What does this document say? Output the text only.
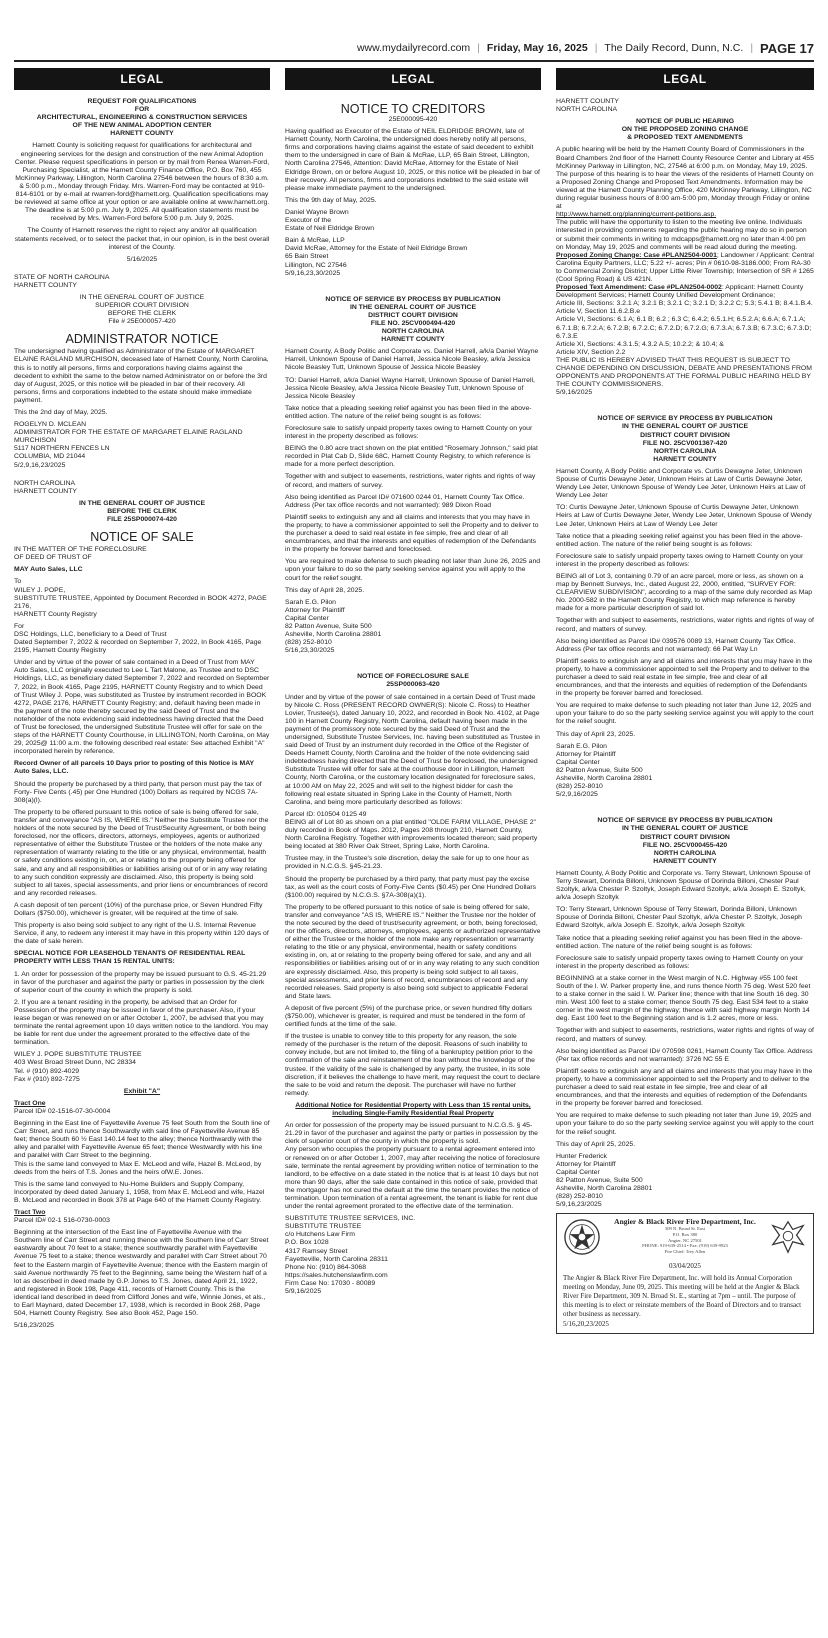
www.mydailyrecord.com | Friday, May 16, 2025 | The Daily Record, Dunn, N.C. | PAGE 17
LEGAL

REQUEST FOR QUALIFICATIONS
FOR
ARCHITECTURAL, ENGINEERING & CONSTRUCTION SERVICES
OF THE NEW ANIMAL ADOPTION CENTER
HARNETT COUNTY

Harnett County is soliciting request for qualifications for architectural and engineering services for the design and construction of the new Animal Adoption Center. Please request specifications in person or by mail from Renea Warren-Ford, Purchasing Specialist, at the Harnett County Finance Office, P.O. Box 760, 455 McKinney Parkway, Lillington, North Carolina 27546 between the hours of 8:30 a.m. & 5:00 p.m., Monday through Friday. Mrs. Warren-Ford may be contacted at 910-814-6101 or by e-mail at rwarren-ford@harnett.org. Qualification specifications may be reviewed at same office at your option or are available online at www.harnett.org. The deadline is at 5:00 p.m. July 9, 2025. All qualification statements must be received by Mrs. Warren-Ford before 5:00 p.m. July 9, 2025.

The County of Harnett reserves the right to reject any and/or all qualification statements received, or to select the packet that, in our opinion, is in the best overall interest of the County.

5/16/2025

STATE OF NORTH CAROLINA
HARNETT COUNTY

IN THE GENERAL COURT OF JUSTICE
SUPERIOR COURT DIVISION
BEFORE THE CLERK
File # 25E000057-420

ADMINISTRATOR NOTICE

The undersigned having qualified as Administrator of the Estate of MARGARET ELAINE RAGLAND MURCHISON, deceased late of Harnett County, North Carolina, this is to notify all persons, firms and corporations having claims against the decedent to exhibit the same to the below named Administrator on or before the 3rd day of August, 2025, or this notice will be pleaded in bar of their recovery. All persons, firms and corporations indebted to the estate should make immediate payment.

This the 2nd day of May, 2025.

ROGELYN D. MCLEAN
ADMINISTRATOR FOR THE ESTATE OF MARGARET ELAINE RAGLAND MURCHISON
5117 NORTHERN FENCES LN
COLUMBIA, MD 21044
5/2,9,16,23/2025

NORTH CAROLINA
HARNETT COUNTY

IN THE GENERAL COURT OF JUSTICE
BEFORE THE CLERK
FILE 25SP000074-420

NOTICE OF SALE

IN THE MATTER OF THE FORECLOSURE
OF DEED OF TRUST OF

MAY Auto Sales, LLC

To
WILEY J. POPE,
SUBSTITUTE TRUSTEE, Appointed by Document Recorded in BOOK 4272, PAGE 2176,
HARNETT County Registry

For
DSC Holdings, LLC, beneficiary to a Deed of Trust
Dated September 7, 2022 & recorded on September 7, 2022, In Book 4165, Page 2195, Harnett County Registry

Under and by virtue of the power of sale contained in a Deed of Trust from MAY Auto Sales, LLC originally executed to Lee L Tart Malone, as Trustee and to DSC Holdings, LLC, as beneficiary dated September 7, 2022 and recorded on September 7, 2022, in Book 4165, Page 2195, HARNETT County Registry and to which Deed of Trust Wiley J. Pope, was substituted as Trustee by instrument recorded in BOOK 4272, PAGE 2176, HARNETT County Registry; and, default having been made in the payment of the note thereby secured by the said Deed of Trust and the noteholder of the note evidencing said indebtedness having directed that the Deed of Trust be foreclosed, the undersigned Substitute Trustee will offer for sale on the steps of the HARNETT County Courthouse, in LILLINGTON, North Carolina, on May 29, 2025@ 11:00 a.m. the following described real estate: See attached Exhibit "A" incorporated herein by reference.

Record Owner of all parcels 10 Days prior to posting of this Notice is MAY Auto Sales, LLC.

Should the property be purchased by a third party, that person must pay the tax of Forty- Five Cents (.45) per One Hundred (100) Dollars as required by NCGS 7A-308(a)(l).

The property to be offered pursuant to this notice of sale is being offered for sale, transfer and conveyance "AS IS, WHERE IS." Neither the Substitute Trustee nor the holders of the note secured by the Deed of Trust/Security Agreement, or both being foreclosed, nor the officers, directors, attorneys, employees, agents or authorized representative of either the Substitute Trustee or the holders of the note make any representation of warranty relating to the title or any physical, environmental, health or safety conditions existing in, on, at or relating to the property being offered for sale, and any and all responsibilities or liabilities arising out of or in any way relating to any such condition expressly are disclaimed. Also, this property is being sold subject to all taxes, special assessments, and prior liens or encumbrances of record and any recorded releases.

A cash deposit of ten percent (10%) of the purchase price, or Seven Hundred Fifty Dollars ($750.00), whichever is greater, will be required at the time of sale.

This property is also being sold subject to any right of the U.S. Internal Revenue Service, if any, to redeem any interest it may have in this property within 120 days of the date of sale herein.

SPECIAL NOTICE FOR LEASEHOLD TENANTS OF RESIDENTIAL REAL PROPERTY WITH LESS THAN 15 RENTAL UNITS:

1. An order for possession of the property may be issued pursuant to G.S. 45-21.29
in favor of the purchaser and against the party or parties in possession by the clerk of superior court of the county in which the property is sold.

2. If you are a tenant residing in the property, be advised that an Order for Possession of the property may be issued in favor of the purchaser. Also, if your lease began or was renewed on or after October 1, 2007, be advised that you may terminate the rental agreement upon 10 days written notice to the landlord. You may be liable for rent due under the agreement prorated to the effective date of the termination.

WILEY J. POPE SUBSTITUTE TRUSTEE
403 West Broad Street Dunn, NC 28334
Tel. # (910) 892-4029
Fax # (910) 892-7275

Exhibit "A"

Tract One

Parcel ID# 02-1516-07-30-0004

Beginning in the East line of Fayetteville Avenue 75 feet South from the South line of Carr Street, and runs thence Southwardly with said line of Fayetteville Avenue 85 feet; thence South 60 ½ East 140.14 feet to the alley; thence Northwardly with the alley and parallel with Fayetteville Avenue 65 feet; thence Westwardly with his line and parallel with Carr Street to the beginning.
This is the same land conveyed to Max E. McLeod and wife, Hazel B. McLeod, by deeds from the heirs of T.S. Jones and the heirs ofW.E. Jones.

This is the same land conveyed to Nu-Home Builders and Supply Company, Incorporated by deed dated January 1, 1958, from Max E. McLeod and wife, Hazel B. McLeod and recorded in Book 378 at Page 640 of the Harnett County Registry.

Tract Two

Parcel ID# 02-1 516-0730-0003

Beginning at the intersection of the East line of Fayetteville Avenue with the Southern line of Carr Street and running thence with the Southern line of Carr Street eastwardly about 70 feet to a stake; thence southwardly parallel with Fayetteville Avenue 75 feet to a stake; thence westwardly and parallel with Carr Street about 70 feet to the Eastern margin of Fayetteville Avenue; thence with the Eastern margin of said Avenue northwardly 75 feet to the Beginning, same being the Western half of a lot as described in deed made by G.P. Jones to T.S. Jones, dated April 21, 1922, and registered in Book 198, Page 411, records of Harnett County. This is the identical land described in deed from Clifford Jones and wife, Winnie Jones, et als., to Earl Maynard, dated December 17, 1938, which is recorded in Book 268, Page 504, Harnett County Registry. See also Book 452, Page 150.

5/16,23/2025

LEGAL
NOTICE TO CREDITORS

25E000095-420

Having qualified as Executor of the Estate of NEIL ELDRIDGE BROWN, late of Harnett County, North Carolina, the undersigned does hereby notify all persons, firms and corporations having claims against the estate of said decedent to exhibit them to the undersigned in care of Bain & McRae, LLP, 65 Bain Street, Lillington, North Carolina 27546, Attention: David McRae, Attorney for the Estate of Neil Eldridge Brown, on or before August 10, 2025, or this notice will be pleaded in bar of their recovery. All persons, firms and corporations indebted to the said estate will please make immediate payment to the undersigned.

This the 9th day of May, 2025.

Daniel Wayne Brown
Executor of the
Estate of Neil Eldridge Brown

Bain & McRae, LLP
David McRae, Attorney for the Estate of Neil Eldridge Brown
65 Bain Street
Lillington, NC 27546
5/9,16,23,30/2025

NOTICE OF SERVICE BY PROCESS BY PUBLICATION
IN THE GENERAL COURT OF JUSTICE
DISTRICT COURT DIVISION
FILE NO. 25CV000494-420
NORTH CAROLINA
HARNETT COUNTY

Harnett County, A Body Politic and Corporate vs. Daniel Harrell, a/k/a Daniel Wayne Harrell, Unknown Spouse of Daniel Harrell, Jessica Nicole Beasley, a/k/a Jessica Nicole Beasley Tutt, Unknown Spouse of Jessica Nicole Beasley

TO: Daniel Harrell, a/k/a Daniel Wayne Harrell, Unknown Spouse of Daniel Harrell, Jessica Nicole Beasley, a/k/a Jessica Nicole Beasley Tutt, Unknown Spouse of Jessica Nicole Beasley

Take notice that a pleading seeking relief against you has been filed in the above-entitled action. The nature of the relief being sought is as follows:

Foreclosure sale to satisfy unpaid property taxes owing to Harnett County on your interest in the property described as follows:

BEING the 0.80 acre tract shown on the plat entitled "Rosemary Johnson," said plat recorded in Plat Cab D, Slide 68C, Harnett County Registry, to which reference is made for a more perfect description.

Together with and subject to easements, restrictions, water rights and rights of way of record, and matters of survey.

Also being identified as Parcel ID# 071600 0244 01, Harnett County Tax Office. Address (Per tax office records and not warranted): 989 Dixon Road

Plaintiff seeks to extinguish any and all claims and interests that you may have in the property, to have a commissioner appointed to sell the Property and to deliver to the purchaser a deed to said real estate in fee simple, free and clear of all encumbrances, and that the interests and equities of redemption of the Defendants in the property be forever barred and foreclosed.

You are required to make defense to such pleading not later than June 26, 2025 and upon your failure to do so the party seeking service against you will apply to the court for the relief sought.

This day of April 28, 2025.

Sarah E.G. Pilon
Attorney for Plaintiff
Capital Center
82 Patton Avenue, Suite 500
Asheville, North Carolina 28801
(828) 252-8010
5/16,23,30/2025

NOTICE OF FORECLOSURE SALE
25SP000063-420

Under and by virtue of the power of sale contained in a certain Deed of Trust made by Nicole C. Ross (PRESENT RECORD OWNER(S): Nicole C. Ross) to Heather Lovier, Trustee(s), dated January 10, 2022, and recorded in Book No. 4102, at Page 100 in Harnett County Registry, North Carolina, default having been made in the payment of the promissory note secured by the said Deed of Trust and the undersigned, Substitute Trustee Services, Inc. having been substituted as Trustee in said Deed of Trust by an instrument duly recorded in the Office of the Register of Deeds Harnett County, North Carolina and the holder of the note evidencing said indebtedness having directed that the Deed of Trust be foreclosed, the undersigned Substitute Trustee will offer for sale at the courthouse door in Lillington, Harnett County, North Carolina, or the customary location designated for foreclosure sales, at 10:00 AM on May 22, 2025 and will sell to the highest bidder for cash the following real estate situated in Spring Lake in the County of Harnett, North Carolina, and being more particularly described as follows:

Parcel ID: 010504 0125 49
BEING all of Lot 80 as shown on a plat entitled "OLDE FARM VILLAGE, PHASE 2" duly recorded in Book of Maps. 2012, Pages 208 through 210, Harnett County, North Carolina Registry. Together with improvements located thereon; said property being located at 380 River Oak Street, Spring Lake, North Carolina.

Trustee may, in the Trustee's sole discretion, delay the sale for up to one hour as provided in N.C.G.S. §45-21.23.

Should the property be purchased by a third party, that party must pay the excise tax, as well as the court costs of Forty-Five Cents ($0.45) per One Hundred Dollars ($100.00) required by N.C.G.S. §7A-308(a)(1).

The property to be offered pursuant to this notice of sale is being offered for sale, transfer and conveyance "AS IS, WHERE IS." Neither the Trustee nor the holder of the note secured by the deed of trust/security agreement, or both, being foreclosed, nor the officers, directors, attorneys, employees, agents or authorized representative of either the Trustee or the holder of the note make any representation or warranty relating to the title or any physical, environmental, health or safety conditions existing in, on, at or relating to the property being offered for sale, and any and all responsibilities or liabilities arising out of or in any way relating to any such condition are expressly disclaimed. Also, this property is being sold subject to all taxes, special assessments, and prior liens of record, encumbrances of record and any recorded releases. Said property is also being sold subject to applicable Federal and State laws.

A deposit of five percent (5%) of the purchase price, or seven hundred fifty dollars ($750.00), whichever is greater, is required and must be tendered in the form of certified funds at the time of the sale.

If the trustee is unable to convey title to this property for any reason, the sole remedy of the purchaser is the return of the deposit. Reasons of such inability to convey include, but are not limited to, the filing of a bankruptcy petition prior to the confirmation of the sale and reinstatement of the loan without the knowledge of the trustee. If the validity of the sale is challenged by any party, the trustee, in its sole discretion, if it believes the challenge to have merit, may request the court to declare the sale to be void and return the deposit. The purchaser will have no further remedy.

Additional Notice for Residential Property with Less than 15 rental units, including Single-Family Residential Real Property

An order for possession of the property may be issued pursuant to N.C.G.S. § 45-21.29 in favor of the purchaser and against the party or parties in possession by the clerk of superior court of the county in which the property is sold.
Any person who occupies the property pursuant to a rental agreement entered into or renewed on or after October 1, 2007, may after receiving the notice of foreclosure sale, terminate the rental agreement by providing written notice of termination to the landlord, to be effective on a date stated in the notice that is at least 10 days but not more than 90 days, after the sale date contained in this notice of sale, provided that the mortgagor has not cured the default at the time the tenant provides the notice of termination. Upon termination of a rental agreement, the tenant is liable for rent due under the rental agreement prorated to the effective date of the termination.

SUBSTITUTE TRUSTEE SERVICES, INC.
SUBSTITUTE TRUSTEE
c/o Hutchens Law Firm
P.O. Box 1028
4317 Ramsey Street
Fayetteville, North Carolina 28311
Phone No: (910) 864-3068
https://sales.hutchenslawfirm.com
Firm Case No: 17030 - 80089
5/9,16/2025

LEGAL

HARNETT COUNTY
NORTH CAROLINA

NOTICE OF PUBLIC HEARING
ON THE PROPOSED ZONING CHANGE
& PROPOSED TEXT AMENDMENTS

A public hearing will be held by the Harnett County Board of Commissioners in the Board Chambers 2nd floor of the Harnett County Resource Center and Library at 455 McKinney Parkway in Lillington, NC, 27546 at 6:00 p.m. on Monday, May 19, 2025. The purpose of this hearing is to hear the views of the residents of Harnett County on a Proposed Zoning Change and Proposed Text Amendments. Information may be viewed at the Harnett County Planning Office, 420 McKinney Parkway, Lillington, NC during regular business hours of 8:00 am-5:00 pm, Monday through Friday or online at

http://www.harnett.org/planning/current-petitions.asp.

The public will have the opportunity to listen to the meeting live online. Individuals interested in providing comments regarding the public hearing may do so in person or submit their comments in writing to mdcapps@harnett.org no later than 4:00 pm on Monday, May 19, 2025 and comments will be read aloud during the meeting.

Proposed Zoning Change: Case #PLAN2504-0001; Landowner / Applicant: Central Carolina Equity Partners, LLC; 5.22 +/- acres; Pin # 0610-98-3186.000; From RA-30 to Commercial Zoning District; Upper Little River Township; Intersection of SR # 1265 (Cool Spring Road) & US 421N.

Proposed Text Amendment: Case #PLAN2504-0002: Applicant: Harnett County Development Services; Harnett County Unified Development Ordinance;

Article III, Sections: 3.2.1 A; 3.2.1 B; 3.2.1 C; 3.2.1 D; 3.2.2 C; 5.3; 5.4.1 B; 8.4.1.B.4.

Article V, Section 11.6.2.B.e

Article VI, Sections: 6.1 A; 6.1 B; 6.2 ; 6.3 C; 6.4.2; 6.5.1.H; 6.5.2.A; 6.6.A; 6.7.1.A; 6.7.1.B; 6.7.2.A; 6.7.2.B; 6.7.2.C; 6.7.2.D; 6.7.2.G; 6.7.3.A; 6.7.3.B; 6.7.3.C; 6.7.3.D; 6.7.3.E

Article XI, Sections: 4.3.1.5; 4.3.2 A.5; 10.2.2; & 10.4; &

Article XIV, Section 2.2

THE PUBLIC IS HEREBY ADVISED THAT THIS REQUEST IS SUBJECT TO CHANGE DEPENDING ON DISCUSSION, DEBATE AND PRESENTATIONS FROM OPPONENTS AND PROPONENTS AT THE FORMAL PUBLIC HEARING HELD BY THE COUNTY COMMISSIONERS.

5/9,16/2025

NOTICE OF SERVICE BY PROCESS BY PUBLICATION
IN THE GENERAL COURT OF JUSTICE
DISTRICT COURT DIVISION
FILE NO. 25CV001367-420
NORTH CAROLINA
HARNETT COUNTY

Harnett County, A Body Politic and Corporate vs. Curtis Dewayne Jeter, Unknown Spouse of Curtis Dewayne Jeter, Unknown Heirs at Law of Curtis Dewayne Jeter, Wendy Lee Jeter, Unknown Spouse of Wendy Lee Jeter, Unknown Heirs at Law of Wendy Lee Jeter

TO: Curtis Dewayne Jeter, Unknown Spouse of Curtis Dewayne Jeter, Unknown Heirs at Law of Curtis Dewayne Jeter, Wendy Lee Jeter, Unknown Spouse of Wendy Lee Jeter, Unknown Heirs at Law of Wendy Lee Jeter

Take notice that a pleading seeking relief against you has been filed in the above-entitled action. The nature of the relief being sought is as follows:

Foreclosure sale to satisfy unpaid property taxes owing to Harnett County on your interest in the property described as follows:

BEING all of Lot 3, containing 0.79 of an acre parcel, more or less, as shown on a map by Bennett Surveys, Inc., dated August 22, 2000, entitled, "SURVEY FOR: CLEARVIEW SUBDIVISION", according to a map of the same duly recorded as Map No. 2000-582 in the Harnett County Registry, to which map reference is hereby made for a more particular description of said lot.

Together with and subject to easements, restrictions, water rights and rights of way of record, and matters of survey.

Also being identified as Parcel ID# 039576 0089 13, Harnett County Tax Office. Address (Per tax office records and not warranted): 66 Pat Way Ln

Plaintiff seeks to extinguish any and all claims and interests that you may have in the property, to have a commissioner appointed to sell the Property and to deliver to the purchaser a deed to said real estate in fee simple, free and clear of all encumbrances, and that the interests and equities of redemption of the Defendants in the property be forever barred and foreclosed.

You are required to make defense to such pleading not later than June 12, 2025 and upon your failure to do so the party seeking service against you will apply to the court for the relief sought.

This day of April 23, 2025.

Sarah E.G. Pilon
Attorney for Plaintiff
Capital Center
82 Patton Avenue, Suite 500
Asheville, North Carolina 28801
(828) 252-8010
5/2,9,16/2025

NOTICE OF SERVICE BY PROCESS BY PUBLICATION
IN THE GENERAL COURT OF JUSTICE
DISTRICT COURT DIVISION
FILE NO. 25CV000455-420
NORTH CAROLINA
HARNETT COUNTY

Harnett County, A Body Politic and Corporate vs. Terry Stewart, Unknown Spouse of Terry Stewart, Dorinda Billoni, Unknown Spouse of Dorinda Billoni, Chester Paul Szoltyk, a/k/a Chester P. Szoltyk, Joseph Edward Szoltyk, a/k/a Joseph E. Szoltyk, a/k/a Joseph Szoltyk

TO: Terry Stewart, Unknown Spouse of Terry Stewart, Dorinda Billoni, Unknown Spouse of Dorinda Billoni, Chester Paul Szoltyk, a/k/a Chester P. Szoltyk, Joseph Edward Szoltyk, a/k/a Joseph E. Szoltyk, a/k/a Joseph Szoltyk

Take notice that a pleading seeking relief against you has been filed in the above-entitled action. The nature of the relief being sought is as follows:

Foreclosure sale to satisfy unpaid property taxes owing to Harnett County on your interest in the property described as follows:

BEGINNING at a stake corner in the West margin of N.C. Highway #55 100 feet South of the I. W. Parker property line, and runs thence North 75 deg. West 520 feet to a stake corner in the said I. W. Parker line; thence with that line South 16 deg. 30 min. West 100 feet to a stake corner; thence South 75 deg. East 534 feet to a stake corner in the west margin of the highway; thence with said highway margin North 14 deg. East 100 feet to the Beginning station and is 1.2 acres, more or less.

Together with and subject to easements, restrictions, water rights and rights of way of record, and matters of survey.

Also being identified as Parcel ID# 070598 0261, Harnett County Tax Office. Address (Per tax office records and not warranted): 3726 NC 55 E

Plaintiff seeks to extinguish any and all claims and interests that you may have in the property, to have a commissioner appointed to sell the Property and to deliver to the purchaser a deed to said real estate in fee simple, free and clear of all encumbrances, and that the interests and equities of redemption of the Defendants in the property be forever barred and foreclosed.

You are required to make defense to such pleading not later than June 19, 2025 and upon your failure to do so the party seeking service against you will apply to the court for the relief sought.

This day of April 25, 2025.

Hunter Frederick
Attorney for Plaintiff
Capital Center
82 Patton Avenue, Suite 500
Asheville, North Carolina 28801
(828) 252-8010
5/9,16,23/2025

Angier & Black River Fire Department, Inc.
309 N. Broad St. East
P.O. Box 380
Angier, NC 27501
PHONE: 919-639-2514 • Fax: (919) 639-9923
Fire Chief: Trey Allen
03/04/2025
The Angier & Black River Fire Department, Inc. will hold its Annual Corporation meeting on Monday, June 09, 2025. This meeting will be held at the Angier & Black River Fire Department, 309 N. Broad St. E., starting at 7pm – until. The purpose of this meeting is to elect or reinstate members of the Board of Directors and to transact other business as necessary.
5/16,20,23/2025
